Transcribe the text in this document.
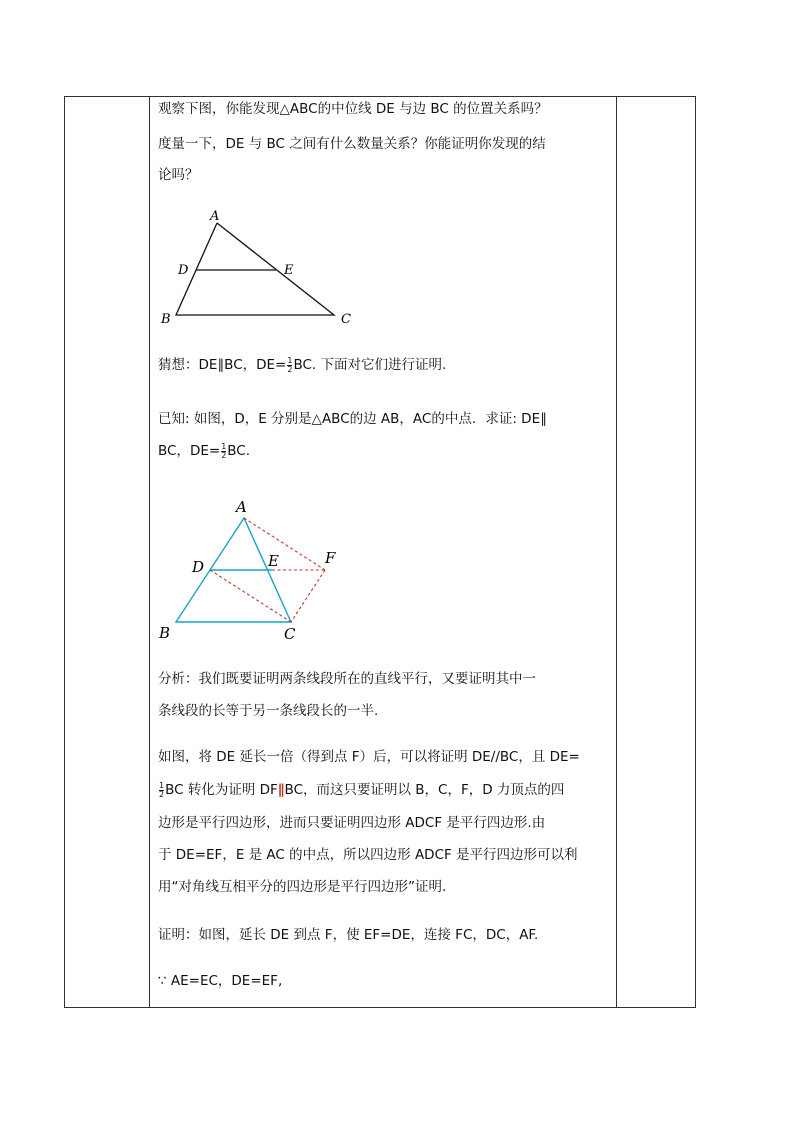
观察下图，你能发现△ABC的中位线 DE 与边 BC 的位置关系吗？
度量一下，DE 与 BC 之间有什么数量关系？你能证明你发现的结
论吗？
A
D	E
B	C
猜想：DE∥BC，$DE= \frac{1}{2}$ BC. 下面对它们进行证明.
已知: 如图，D，E 分别是△ABC的边 AB，AC的中点．求证: DE∥
BC，$DE= \frac{1}{2}$ BC.
A
D	E	F
B	C
分析：我们既要证明两条线段所在的直线平行，又要证明其中一
条线段的长等于另一条线段长的一半.
如图，将 DE 延长一倍（得到点 F）后，可以将证明 DE//BC，且 DE=
$\frac{1}{2}$ BC 转化为证明 DF∥BC，而这只要证明以 B，C，F，D 力顶点的四
边形是平行四边形，进而只要证明四边形 ADCF 是平行四边形.由
于 DE=EF，E 是 AC 的中点，所以四边形 ADCF 是平行四边形可以利
用“对角线互相平分的四边形是平行四边形”证明.
证明：如图，延长 DE 到点 F，使 EF=DE，连接 FC，DC，AF.
∵ AE=EC，DE=EF,
